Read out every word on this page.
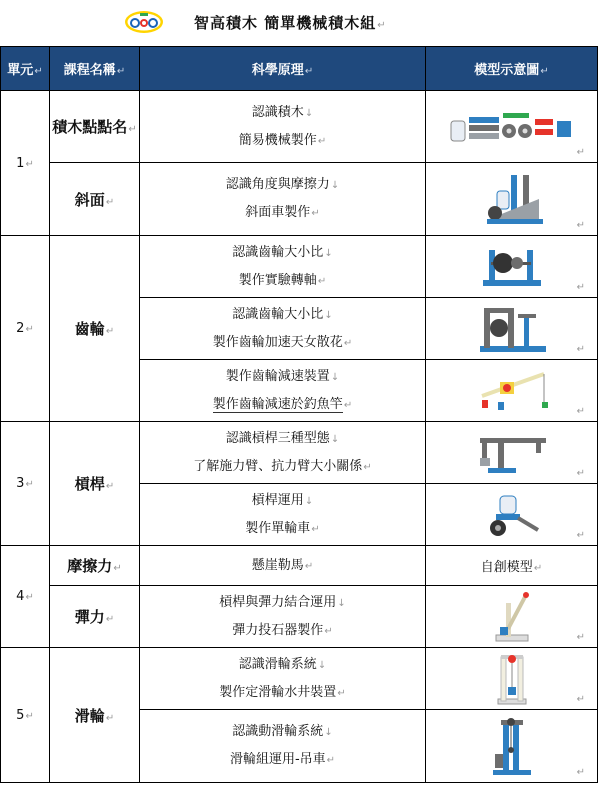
智高積木 簡單機械積木組↵
單元↵	課程名稱↵	科學原理↵	模型示意圖↵
1↵	積木點點名↵	認識積木↓
簡易機械製作↵	↵

	斜面↵	認識角度與摩擦力↓
斜面車製作↵	↵

2↵	齒輪↵	認識齒輪大小比↓
製作實驗轉軸↵	↵

		認識齒輪大小比↓
製作齒輪加速天女散花↵	↵

		製作齒輪減速裝置↓
製作齒輪減速於釣魚竿↵	↵

3↵	槓桿↵	認識槓桿三種型態↓
了解施力臂、抗力臂大小關係↵	↵

		槓桿運用↓
製作單輪車↵	↵

4↵	摩擦力↵	懸崖勒馬↵	自創模型↵
	彈力↵	槓桿與彈力結合運用↓
彈力投石器製作↵	↵

5↵	滑輪↵	認識滑輪系統↓
製作定滑輪水井裝置↵	↵

		認識動滑輪系統↓
滑輪組運用-吊車↵	↵
